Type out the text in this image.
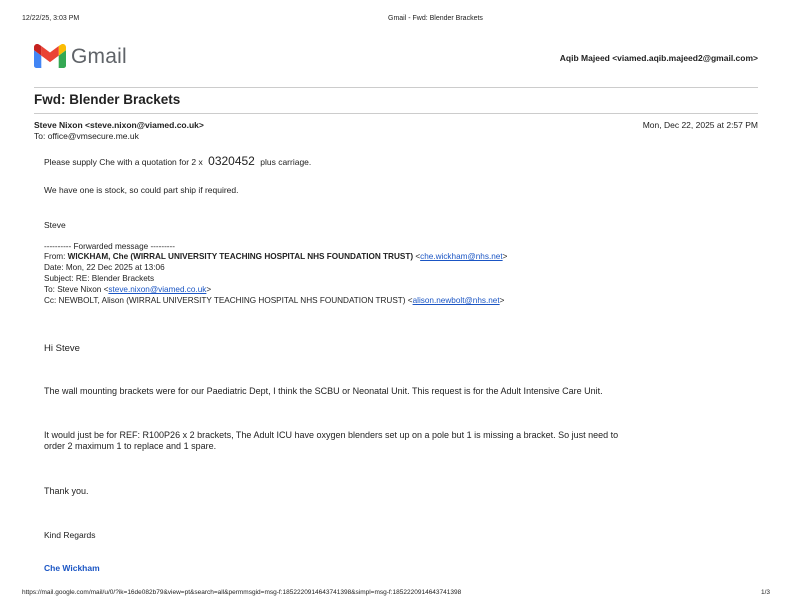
12/22/25, 3:03 PM	Gmail - Fwd: Blender Brackets
Gmail	Aqib Majeed <viamed.aqib.majeed2@gmail.com>
Fwd: Blender Brackets
Steve Nixon <steve.nixon@viamed.co.uk>	Mon, Dec 22, 2025 at 2:57 PM
To: office@vmsecure.me.uk
Please supply Che with a quotation for 2 x 0320452 plus carriage.
We have one is stock, so could part ship if required.
Steve
---------- Forwarded message ---------
From: WICKHAM, Che (WIRRAL UNIVERSITY TEACHING HOSPITAL NHS FOUNDATION TRUST) <che.wickham@nhs.net>
Date: Mon, 22 Dec 2025 at 13:06
Subject: RE: Blender Brackets
To: Steve Nixon <steve.nixon@viamed.co.uk>
Cc: NEWBOLT, Alison (WIRRAL UNIVERSITY TEACHING HOSPITAL NHS FOUNDATION TRUST) <alison.newbolt@nhs.net>
Hi Steve
The wall mounting brackets were for our Paediatric Dept, I think the SCBU or Neonatal Unit. This request is for the Adult Intensive Care Unit.
It would just be for REF: R100P26 x 2 brackets, The Adult ICU have oxygen blenders set up on a pole but 1 is missing a bracket. So just need to
order 2 maximum 1 to replace and 1 spare.
Thank you.
Kind Regards
Che Wickham
https://mail.google.com/mail/u/0/?ik=16de082b79&view=pt&search=all&permmsgid=msg-f:1852220914643741398&simpl=msg-f:1852220914643741398	1/3
